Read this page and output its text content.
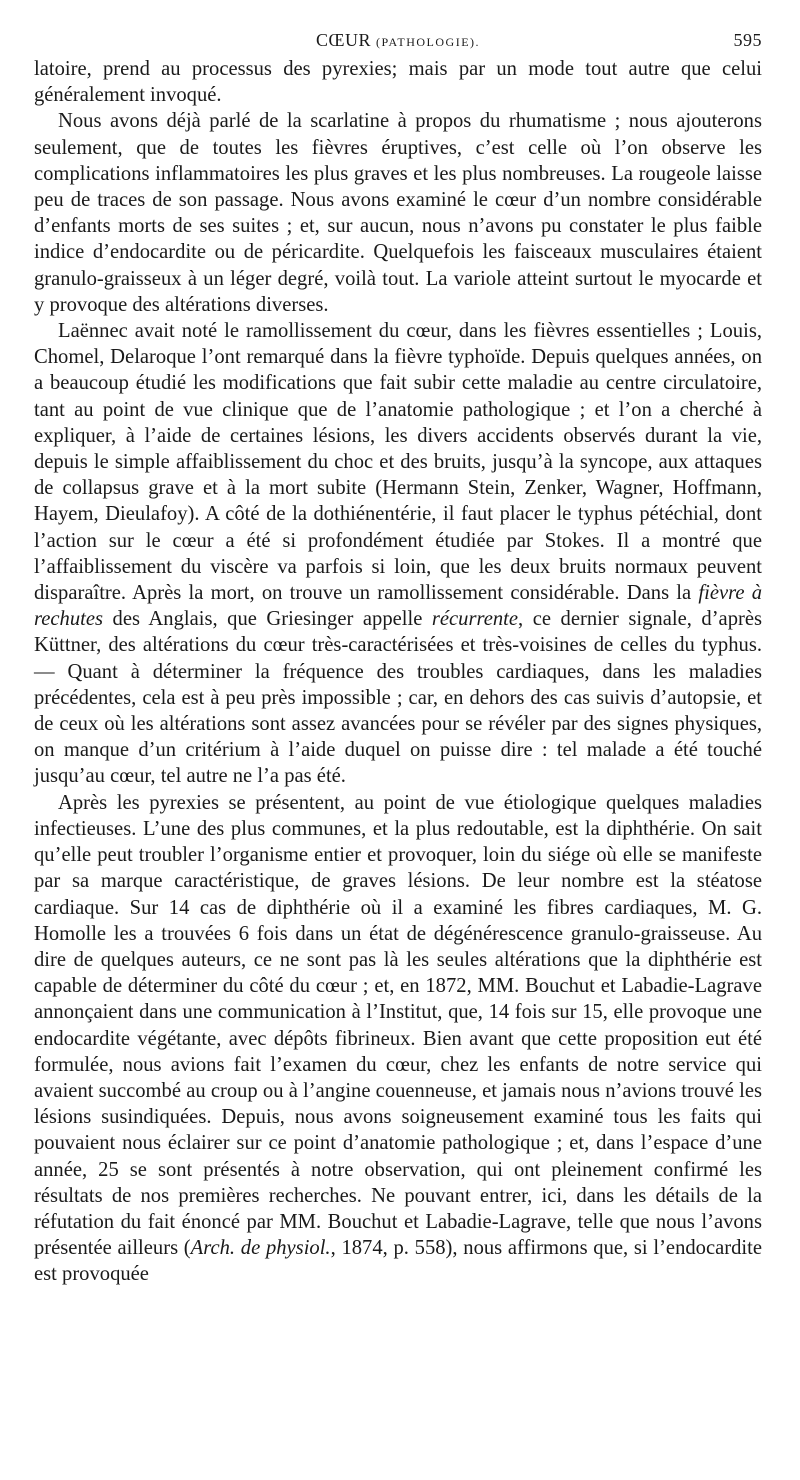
CŒUR (PATHOLOGIE).	595

latoire, prend au processus des pyrexies; mais par un mode tout autre que celui généralement invoqué.

Nous avons déjà parlé de la scarlatine à propos du rhumatisme ; nous ajouterons seulement, que de toutes les fièvres éruptives, c’est celle où l’on observe les complications inflammatoires les plus graves et les plus nombreuses. La rougeole laisse peu de traces de son passage. Nous avons examiné le cœur d’un nombre considérable d’enfants morts de ses suites ; et, sur aucun, nous n’avons pu constater le plus faible indice d’endocardite ou de péricardite. Quelquefois les faisceaux musculaires étaient granulo-graisseux à un léger degré, voilà tout. La variole atteint surtout le myocarde et y provoque des altérations diverses.

Laënnec avait noté le ramollissement du cœur, dans les fièvres essentielles ; Louis, Chomel, Delaroque l’ont remarqué dans la fièvre typhoïde. Depuis quelques années, on a beaucoup étudié les modifications que fait subir cette maladie au centre circulatoire, tant au point de vue clinique que de l’anatomie pathologique ; et l’on a cherché à expliquer, à l’aide de certaines lésions, les divers accidents observés durant la vie, depuis le simple affaiblissement du choc et des bruits, jusqu’à la syncope, aux attaques de collapsus grave et à la mort subite (Hermann Stein, Zenker, Wagner, Hoffmann, Hayem, Dieulafoy). A côté de la dothiénentérie, il faut placer le typhus pétéchial, dont l’action sur le cœur a été si profondément étudiée par Stokes. Il a montré que l’affaiblissement du viscère va parfois si loin, que les deux bruits normaux peuvent disparaître. Après la mort, on trouve un ramollissement considérable. Dans la fièvre à rechutes des Anglais, que Griesinger appelle récurrente, ce dernier signale, d’après Küttner, des altérations du cœur très-caractérisées et très-voisines de celles du typhus. — Quant à déterminer la fréquence des troubles cardiaques, dans les maladies précédentes, cela est à peu près impossible ; car, en dehors des cas suivis d’autopsie, et de ceux où les altérations sont assez avancées pour se révéler par des signes physiques, on manque d’un critérium à l’aide duquel on puisse dire : tel malade a été touché jusqu’au cœur, tel autre ne l’a pas été.

Après les pyrexies se présentent, au point de vue étiologique quelques maladies infectieuses. L’une des plus communes, et la plus redoutable, est la diphthérie. On sait qu’elle peut troubler l’organisme entier et provoquer, loin du siége où elle se manifeste par sa marque caractéristique, de graves lésions. De leur nombre est la stéatose cardiaque. Sur 14 cas de diphthérie où il a examiné les fibres cardiaques, M. G. Homolle les a trouvées 6 fois dans un état de dégénérescence granulo-graisseuse. Au dire de quelques auteurs, ce ne sont pas là les seules altérations que la diphthérie est capable de déterminer du côté du cœur ; et, en 1872, MM. Bouchut et Labadie-Lagrave annonçaient dans une communication à l’Institut, que, 14 fois sur 15, elle provoque une endocardite végétante, avec dépôts fibrineux. Bien avant que cette proposition eut été formulée, nous avions fait l’examen du cœur, chez les enfants de notre service qui avaient succombé au croup ou à l’angine couenneuse, et jamais nous n’avions trouvé les lésions susindiquées. Depuis, nous avons soigneusement examiné tous les faits qui pouvaient nous éclairer sur ce point d’anatomie pathologique ; et, dans l’espace d’une année, 25 se sont présentés à notre observation, qui ont pleinement confirmé les résultats de nos premières recherches. Ne pouvant entrer, ici, dans les détails de la réfutation du fait énoncé par MM. Bouchut et Labadie-Lagrave, telle que nous l’avons présentée ailleurs (Arch. de physiol., 1874, p. 558), nous affirmons que, si l’endocardite est provoquée
